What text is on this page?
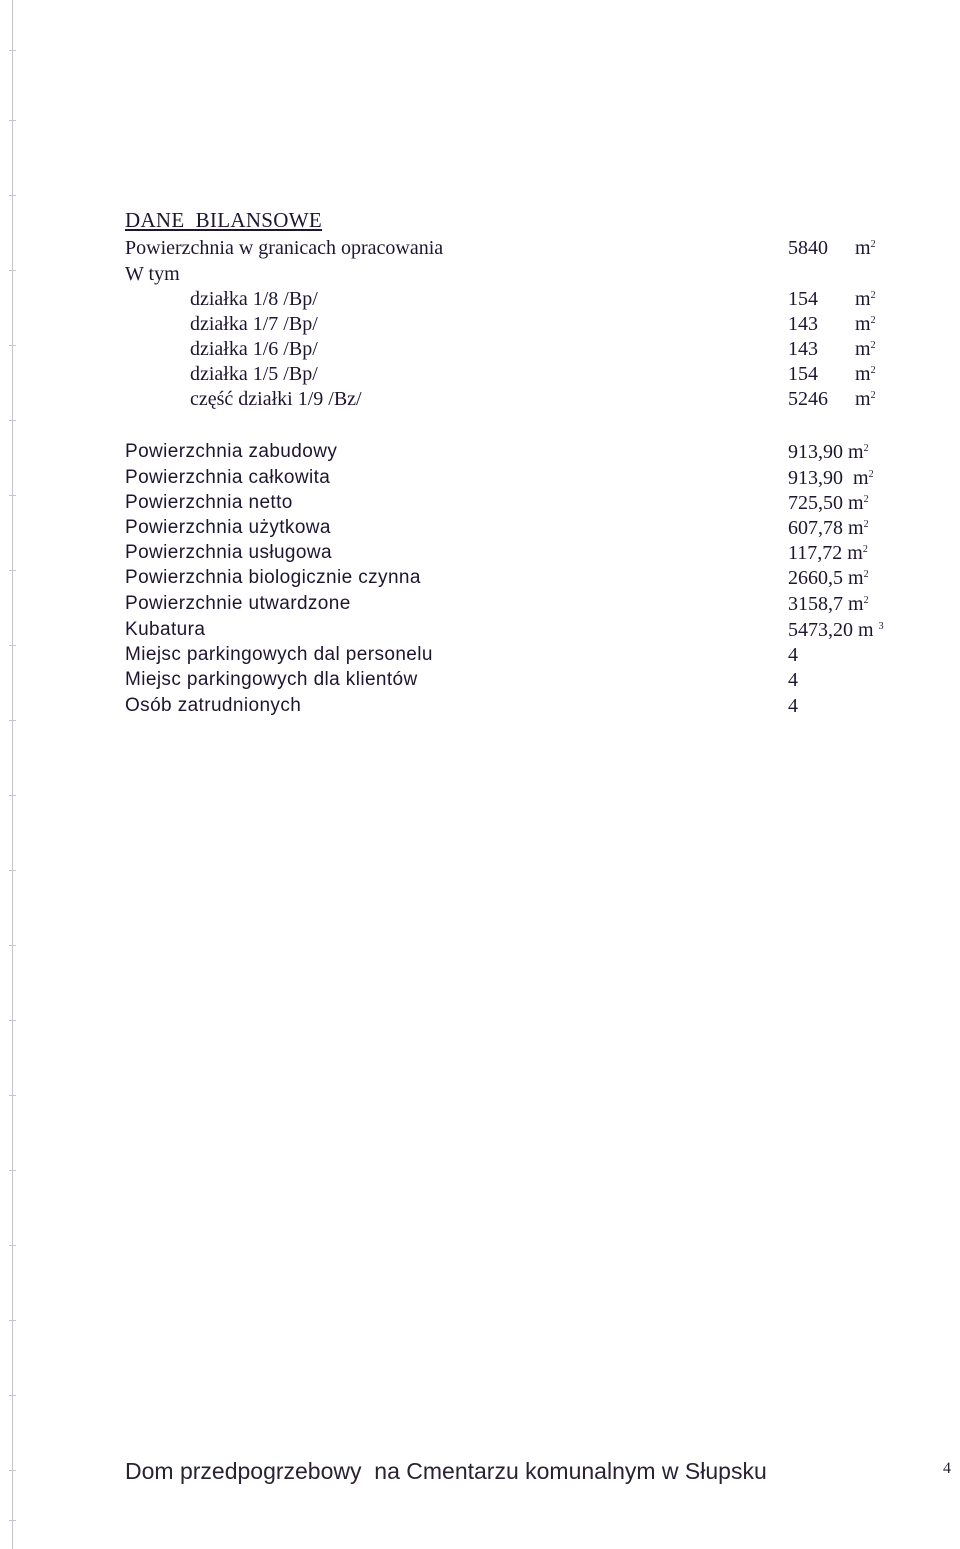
DANE  BILANSOWE
Powierzchnia w granicach opracowania	5840 $m^2$
W tym
działka 1/8 /Bp/	154 $m^2$
działka 1/7 /Bp/	143 $m^2$
działka 1/6 /Bp/	143 $m^2$
działka 1/5 /Bp/	154 $m^2$
część działki 1/9 /Bz/	5246 $m^2$
Powierzchnia zabudowy	913,90 $m^2$
Powierzchnia całkowita	913,90  $m^2$
Powierzchnia netto	725,50 $m^2$
Powierzchnia użytkowa	607,78 $m^2$
Powierzchnia usługowa	117,72 $m^2$
Powierzchnia biologicznie czynna	2660,5 $m^2$
Powierzchnie utwardzone	3158,7 $m^2$
Kubatura	5473,20 m $^3$
Miejsc parkingowych dal personelu	4
Miejsc parkingowych dla klientów	4
Osób zatrudnionych	4

Dom przedpogrzebowy  na Cmentarzu komunalnym w Słupsku	4
